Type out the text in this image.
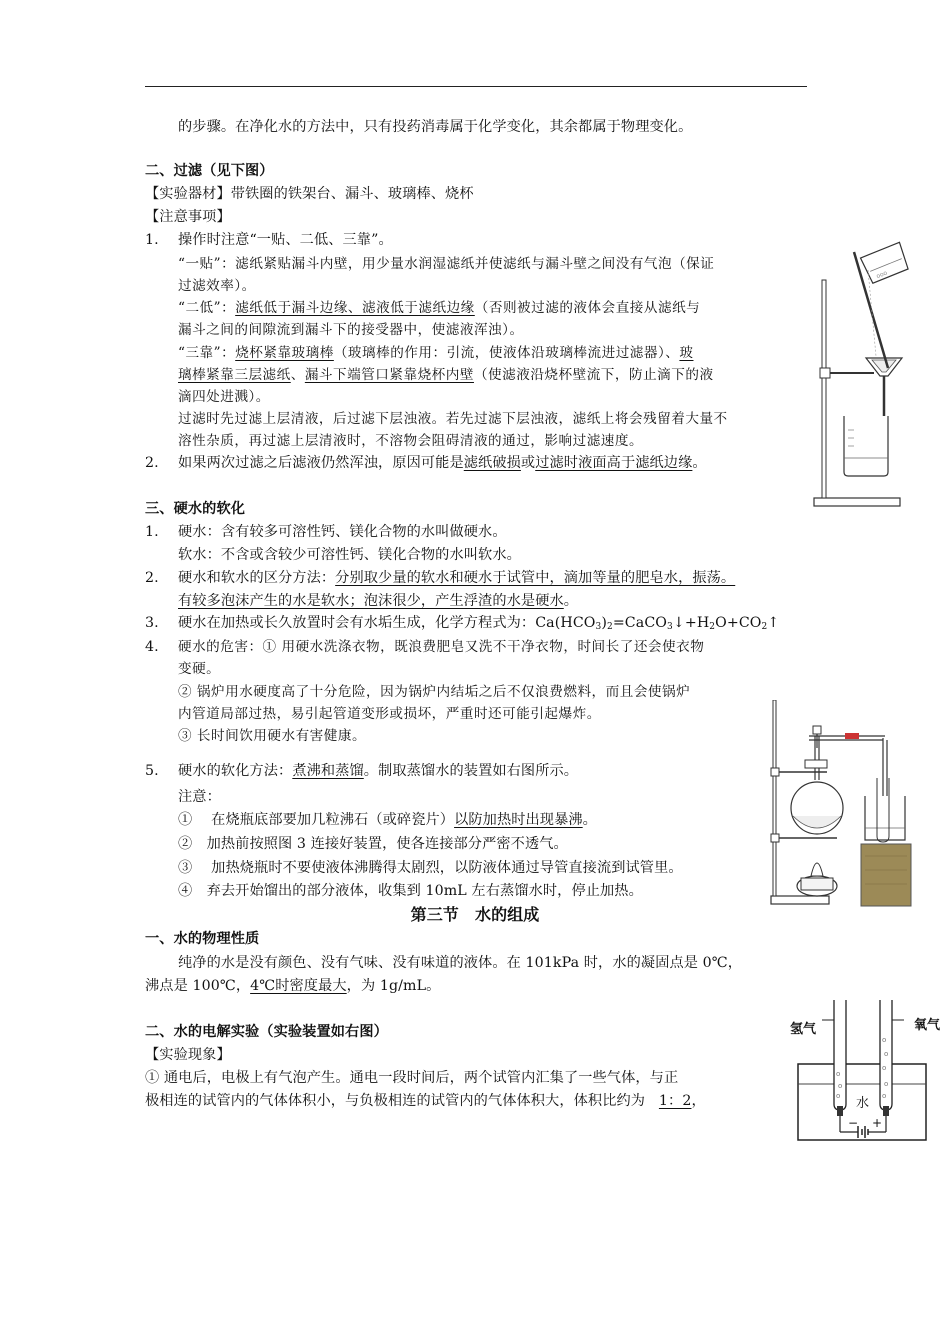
的步骤。在净化水的方法中，只有投药消毒属于化学变化，其余都属于物理变化。
二、过滤（见下图）
【实验器材】带铁圈的铁架台、漏斗、玻璃棒、烧杯
【注意事项】
1. 操作时注意“一贴、二低、三靠”。
“一贴”：滤纸紧贴漏斗内壁，用少量水润湿滤纸并使滤纸与漏斗壁之间没有气泡（保证
过滤效率）。
“二低”：滤纸低于漏斗边缘、滤液低于滤纸边缘（否则被过滤的液体会直接从滤纸与
漏斗之间的间隙流到漏斗下的接受器中，使滤液浑浊）。
“三靠”：烧杯紧靠玻璃棒（玻璃棒的作用：引流，使液体沿玻璃棒流进过滤器）、玻
璃棒紧靠三层滤纸、漏斗下端管口紧靠烧杯内壁（使滤液沿烧杯壁流下，防止滴下的液
滴四处进溅）。
过滤时先过滤上层清液，后过滤下层浊液。若先过滤下层浊液，滤纸上将会残留着大量不
溶性杂质，再过滤上层清液时，不溶物会阻碍清液的通过，影响过滤速度。
2. 如果两次过滤之后滤液仍然浑浊，原因可能是滤纸破损或过滤时液面高于滤纸边缘。
三、硬水的软化
1. 硬水：含有较多可溶性钙、镁化合物的水叫做硬水。
软水：不含或含较少可溶性钙、镁化合物的水叫软水。
2. 硬水和软水的区分方法：分别取少量的软水和硬水于试管中，滴加等量的肥皂水，振荡。
有较多泡沫产生的水是软水；泡沫很少，产生浮渣的水是硬水。
3. 硬水在加热或长久放置时会有水垢生成，化学方程式为：$Ca(HCO_3)_2=CaCO_3↓+H_2O+CO_2↑$
4. 硬水的危害：① 用硬水洗涤衣物，既浪费肥皂又洗不干净衣物，时间长了还会使衣物
变硬。
② 锅炉用水硬度高了十分危险，因为锅炉内结垢之后不仅浪费燃料，而且会使锅炉
内管道局部过热，易引起管道变形或损坏，严重时还可能引起爆炸。
③ 长时间饮用硬水有害健康。
5. 硬水的软化方法：煮沸和蒸馏。制取蒸馏水的装置如右图所示。
注意：
①　 在烧瓶底部要加几粒沸石（或碎瓷片）以防加热时出现暴沸。
②　加热前按照图 3 连接好装置，使各连接部分严密不透气。
③　 加热烧瓶时不要使液体沸腾得太剧烈，以防液体通过导管直接流到试管里。
④　弃去开始馏出的部分液体，收集到 10mL 左右蒸馏水时，停止加热。
第三节　水的组成
一、水的物理性质
纯净的水是没有颜色、没有气味、没有味道的液体。在 101kPa 时，水的凝固点是 0℃，
沸点是 100℃，4℃时密度最大，为 1g/mL。
二、水的电解实验（实验装置如右图）
【实验现象】
① 通电后，电极上有气泡产生。通电一段时间后，两个试管内汇集了一些气体，与正
极相连的试管内的气体体积小，与负极相连的试管内的气体体积大，体积比约为 1：2，
ooo
o
o
o
o
o
o
o
o
氢气	氧气
水
− +
